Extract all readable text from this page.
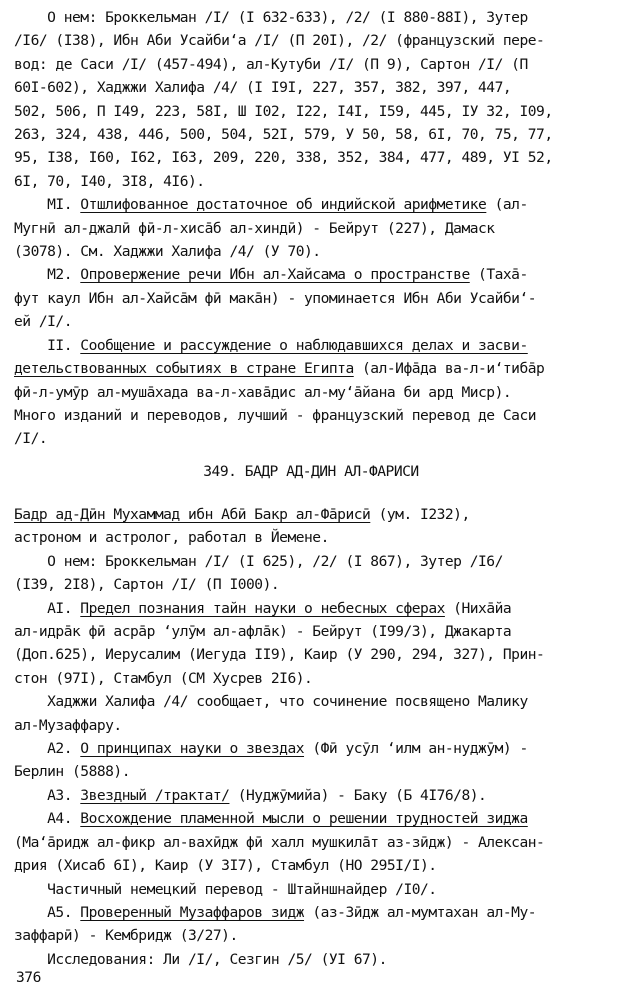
О нем: Броккельман /I/ (I 632-633), /2/ (I 880-88I), Зутер
/I6/ (I38), Ибн Аби Усайби‘а /I/ (П 20I), /2/ (французский пере-
вод: де Саси /I/ (457-494), ал-Кутуби /I/ (П 9), Сартон /I/ (П
60I-602), Хаджжи Халифа /4/ (I I9I, 227, 357, 382, 397, 447,
502, 506, П I49, 223, 58I, Ш I02, I22, I4I, I59, 445, IУ 32, I09,
263, 324, 438, 446, 500, 504, 52I, 579, У 50, 58, 6I, 70, 75, 77,
95, I38, I60, I62, I63, 209, 220, 338, 352, 384, 477, 489, УI 52,
6I, 70, I40, 3I8, 4I6).
MI. Отшлифованное достаточное об индийской арифметике (ал-
Мугнӣ ал-джалӣ фӣ-л-хиса̄б ал-хиндӣ) - Бейрут (227), Дамаск
(3078). См. Хаджжи Халифа /4/ (У 70).
M2. Опровержение речи Ибн ал-Хайсама о пространстве (Таха̄-
фут каул Ибн ал-Хайса̄м фӣ мака̄н) - упоминается Ибн Аби Усайби‘-
ей /I/.
II. Сообщение и рассуждение о наблюдавшихся делах и засви-
детельствованных событиях в стране Египта (ал-Ифа̄да ва-л-и‘тиба̄р
фӣ-л-умӯр ал-муша̄хада ва-л-хава̄дис ал-му‘а̄йана би ард Миср).
Много изданий и переводов, лучший - французский перевод де Саси
/I/.
349. БАДР АД-ДИН АЛ-ФАРИСИ
Бадр ад-Дӣн Мухаммад ибн Абӣ Бакр ал-Фа̄рисӣ (ум. I232),
астроном и астролог, работал в Йемене.
О нем: Броккельман /I/ (I 625), /2/ (I 867), Зутер /I6/
(I39, 2I8), Сартон /I/ (П I000).
AI. Предел познания тайн науки о небесных сферах (Ниха̄йа
ал-идра̄к фӣ асра̄р ‘улӯм ал-афла̄к) - Бейрут (I99/3), Джакарта
(Доп.625), Иерусалим (Иегуда II9), Каир (У 290, 294, 327), Прин-
стон (97I), Стамбул (СМ Хусрев 2I6).
Хаджжи Халифа /4/ сообщает, что сочинение посвящено Малику
ал-Музаффару.
A2. О принципах науки о звездах (Фӣ усӯл ‘илм ан-нуджӯм) -
Берлин (5888).
A3. Звездный /трактат/ (Нуджӯмийа) - Баку (Б 4I76/8).
A4. Восхождение пламенной мысли о решении трудностей зиджа
(Ма‘а̄ридж ал-фикр ал-вахӣдж фӣ халл мушкила̄т аз-зӣдж) - Алексан-
дрия (Хисаб 6I), Каир (У 3I7), Стамбул (НО 295I/I).
Частичный немецкий перевод - Штайншнайдер /I0/.
A5. Проверенный Музаффаров зидж (аз-Зӣдж ал-мумтахан ал-Му-
заффарӣ) - Кембридж (3/27).
Исследования: Ли /I/, Сезгин /5/ (УI 67).
376
